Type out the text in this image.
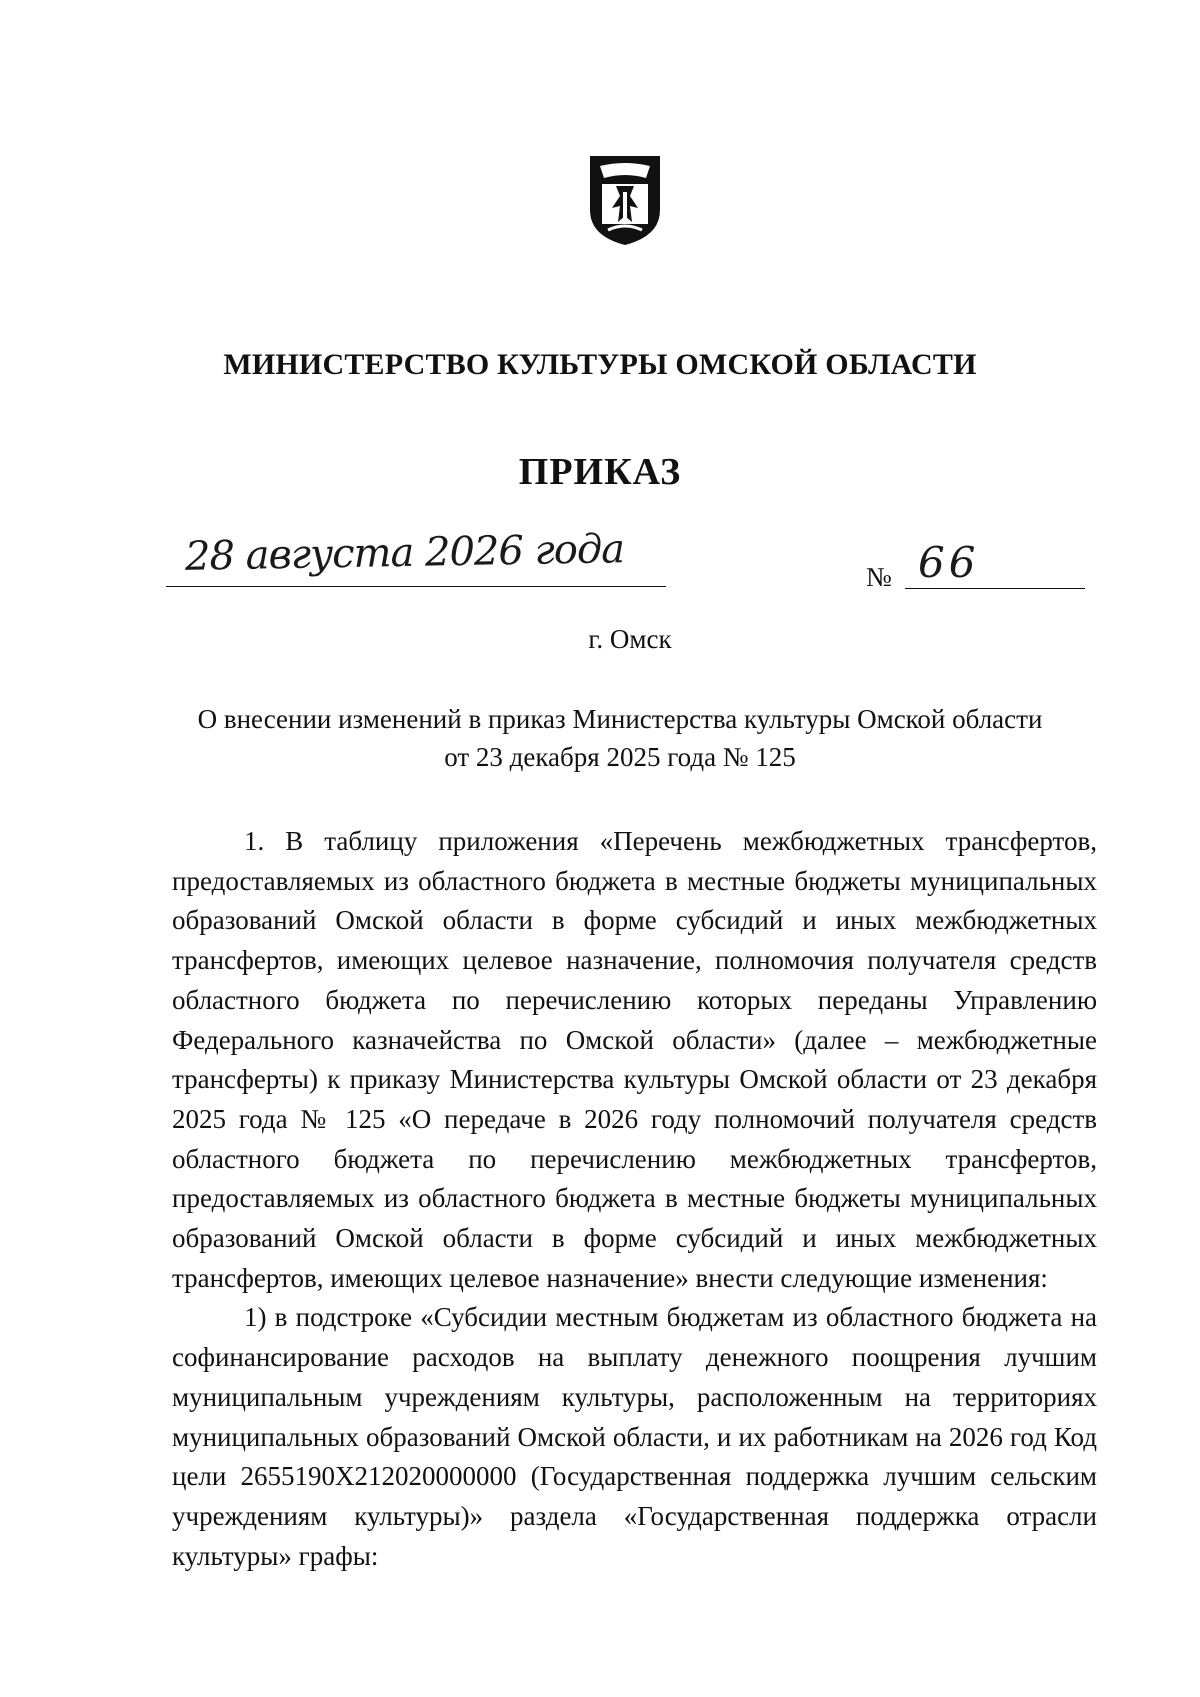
МИНИСТЕРСТВО КУЛЬТУРЫ ОМСКОЙ ОБЛАСТИ
ПРИКАЗ
28 августа 2026 года	№ 66
г. Омск
О внесении изменений в приказ Министерства культуры Омской области
от 23 декабря 2025 года № 125

1. В таблицу приложения «Перечень межбюджетных трансфертов, предоставляемых из областного бюджета в местные бюджеты муниципальных образований Омской области в форме субсидий и иных межбюджетных трансфертов, имеющих целевое назначение, полномочия получателя средств областного бюджета по перечислению которых переданы Управлению Федерального казначейства по Омской области» (далее – межбюджетные трансферты) к приказу Министерства культуры Омской области от 23 декабря 2025 года № 125 «О передаче в 2026 году полномочий получателя средств областного бюджета по перечислению межбюджетных трансфертов, предоставляемых из областного бюджета в местные бюджеты муниципальных образований Омской области в форме субсидий и иных межбюджетных трансфертов, имеющих целевое назначение» внести следующие изменения:

1) в подстроке «Субсидии местным бюджетам из областного бюджета на софинансирование расходов на выплату денежного поощрения лучшим муниципальным учреждениям культуры, расположенным на территориях муниципальных образований Омской области, и их работникам на 2026 год Код цели 2655190X212020000000 (Государственная поддержка лучшим сельским учреждениям культуры)» раздела «Государственная поддержка отрасли культуры» графы:
